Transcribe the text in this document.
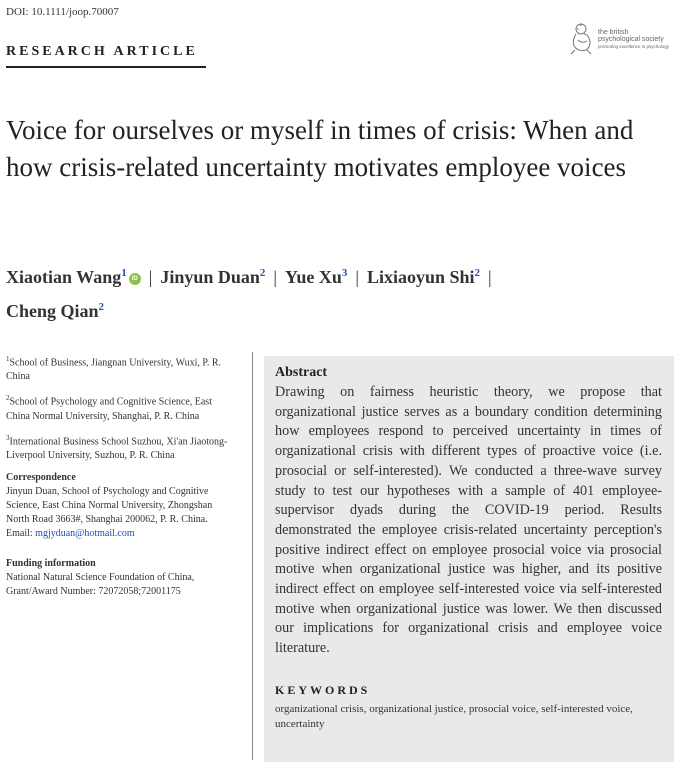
DOI: 10.1111/joop.70007
RESEARCH ARTICLE
the british
psychological society
promoting excellence in psychology
Voice for ourselves or myself in times of crisis: When and how crisis-related uncertainty motivates employee voices
Xiaotian Wang$^1$ iD | Jinyun Duan$^2$ | Yue Xu$^3$ | Lixiaoyun Shi$^2$ |
Cheng Qian$^2$
$^1$School of Business, Jiangnan University, Wuxi, P. R. China
$^2$School of Psychology and Cognitive Science, East China Normal University, Shanghai, P. R. China
$^3$International Business School Suzhou, Xi'an Jiaotong-Liverpool University, Suzhou, P. R. China
Correspondence
Jinyun Duan, School of Psychology and Cognitive Science, East China Normal University, Zhongshan North Road 3663#, Shanghai 200062, P. R. China.
Email: mgjyduan@hotmail.com
Funding information
National Natural Science Foundation of China, Grant/Award Number: 72072058;72001175
Abstract
Drawing on fairness heuristic theory, we propose that organizational justice serves as a boundary condition determining how employees respond to perceived uncertainty in times of organizational crisis with different types of proactive voice (i.e. prosocial or self-interested). We conducted a three-wave survey study to test our hypotheses with a sample of 401 employee-supervisor dyads during the COVID-19 period. Results demonstrated the employee crisis-related uncertainty perception's positive indirect effect on employee prosocial voice via prosocial motive when organizational justice was higher, and its positive indirect effect on employee self-interested voice via self-interested motive when organizational justice was lower. We then discussed our implications for organizational crisis and employee voice literature.
KEYWORDS
organizational crisis, organizational justice, prosocial voice, self-interested voice, uncertainty
